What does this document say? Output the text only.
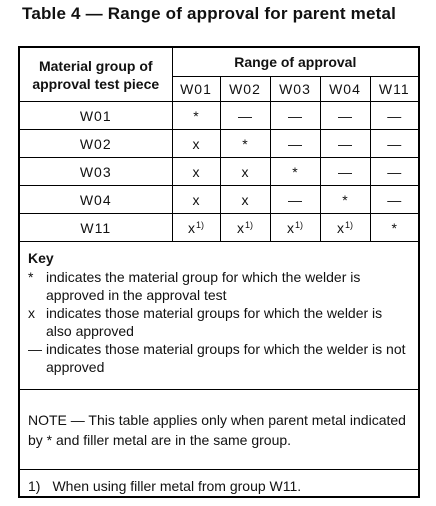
Table 4 — Range of approval for parent metal
Material group of approval test piece	Range of approval				
	W01	W02	W03	W04	W11
W01	*	—	—	—	—
W02	x	*	—	—	—
W03	x	x	*	—	—
W04	x	x	—	*	—
W11	$x^{1)}$	$x^{1)}$	$x^{1)}$	$x^{1)}$	*
Key
* indicates the material group for which the welder is approved in the approval test
x indicates those material groups for which the welder is also approved
— indicates those material groups for which the welder is not approved
NOTE — This table applies only when parent metal indicated by * and filler metal are in the same group.
1) When using filler metal from group W11.
